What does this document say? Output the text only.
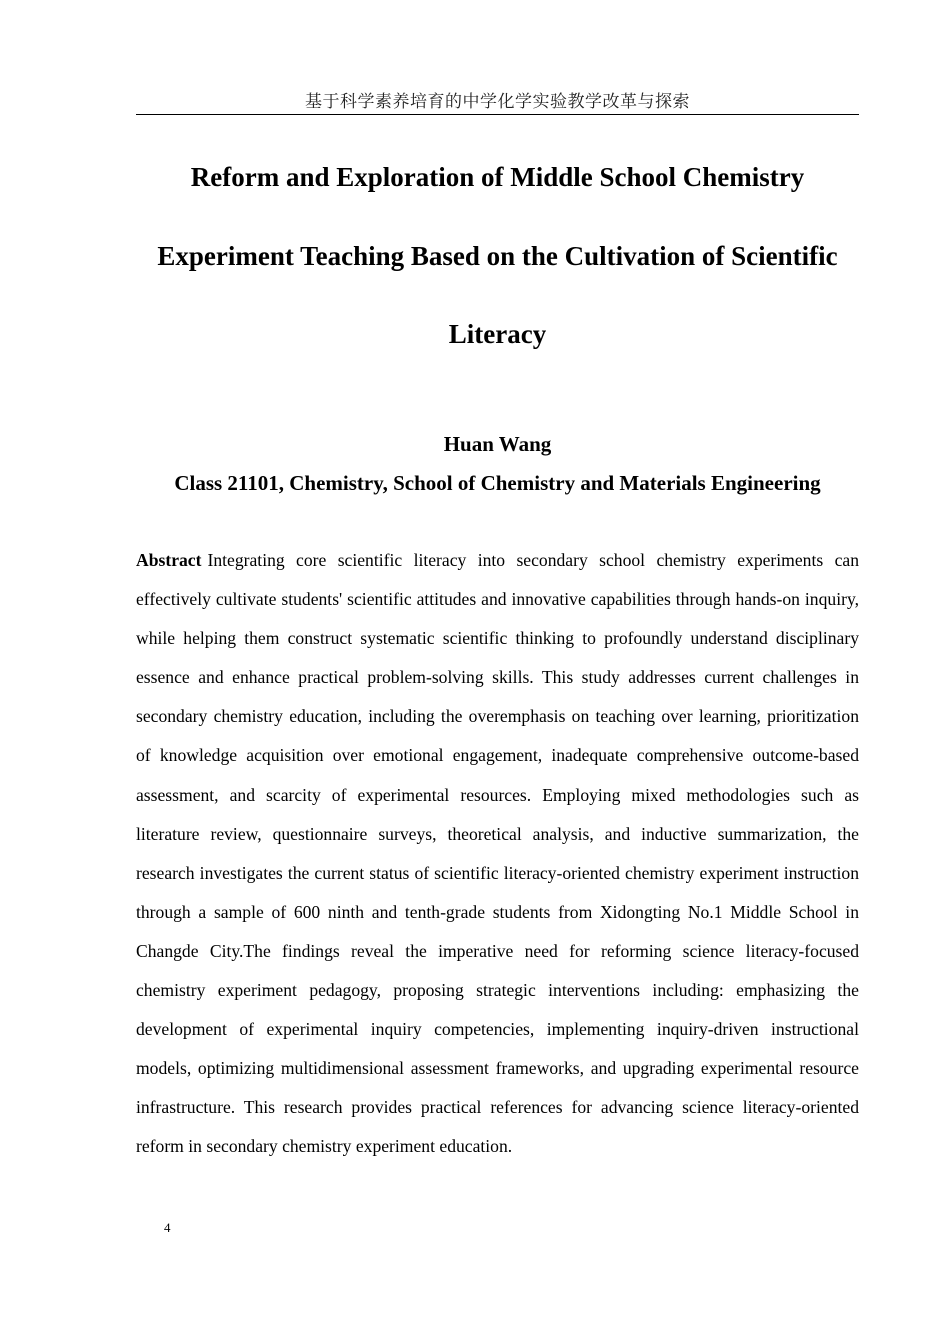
基于科学素养培育的中学化学实验教学改革与探索
Reform and Exploration of Middle School Chemistry Experiment Teaching Based on the Cultivation of Scientific Literacy
Huan Wang
Class 21101, Chemistry, School of Chemistry and Materials Engineering

Abstract Integrating core scientific literacy into secondary school chemistry experiments can effectively cultivate students' scientific attitudes and innovative capabilities through hands-on inquiry, while helping them construct systematic scientific thinking to profoundly understand disciplinary essence and enhance practical problem-solving skills. This study addresses current challenges in secondary chemistry education, including the overemphasis on teaching over learning, prioritization of knowledge acquisition over emotional engagement, inadequate comprehensive outcome-based assessment, and scarcity of experimental resources. Employing mixed methodologies such as literature review, questionnaire surveys, theoretical analysis, and inductive summarization, the research investigates the current status of scientific literacy-oriented chemistry experiment instruction through a sample of 600 ninth and tenth-grade students from Xidongting No.1 Middle School in Changde City.The findings reveal the imperative need for reforming science literacy-focused chemistry experiment pedagogy, proposing strategic interventions including: emphasizing the development of experimental inquiry competencies, implementing inquiry-driven instructional models, optimizing multidimensional assessment frameworks, and upgrading experimental resource infrastructure. This research provides practical references for advancing science literacy-oriented reform in secondary chemistry experiment education.

4
